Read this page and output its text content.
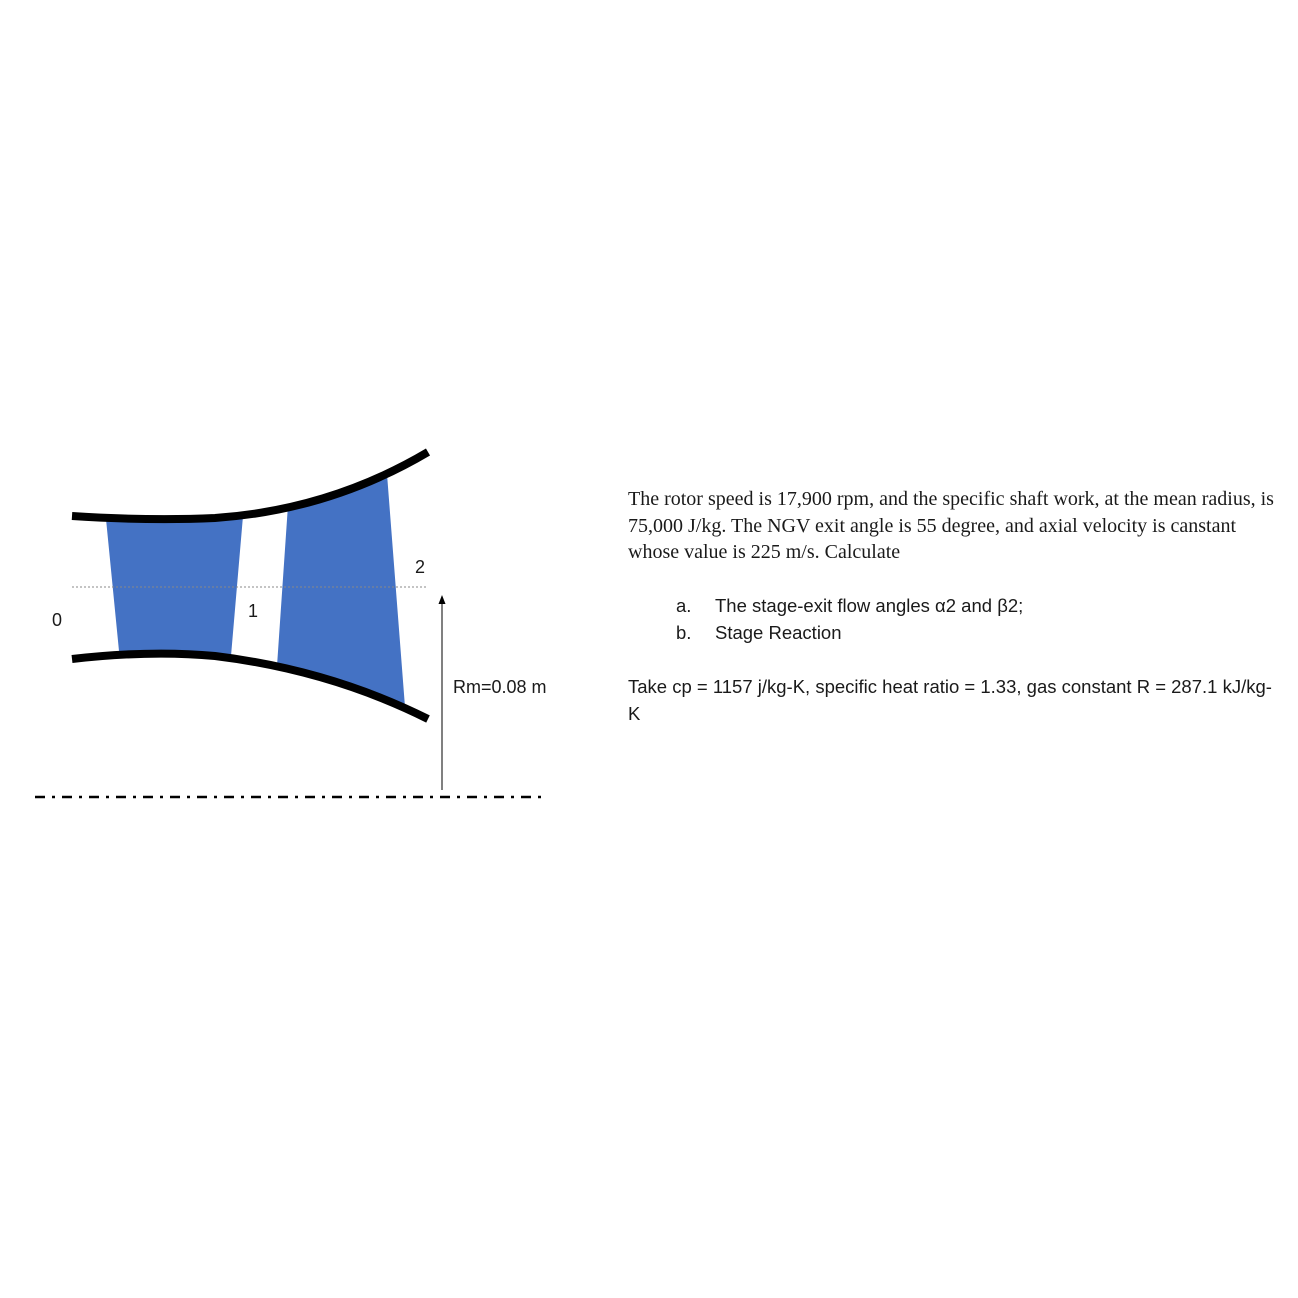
0	1
2
Rm=0.08 m

The rotor speed is 17,900 rpm, and the specific shaft work, at the mean radius, is 75,000 J/kg. The NGV exit angle is 55 degree, and axial velocity is canstant whose value is 225 m/s. Calculate

a.	The stage-exit flow angles α2 and β2;
b.	Stage Reaction

Take cp = 1157 j/kg-K, specific heat ratio = 1.33, gas constant R = 287.1 kJ/kg-K
